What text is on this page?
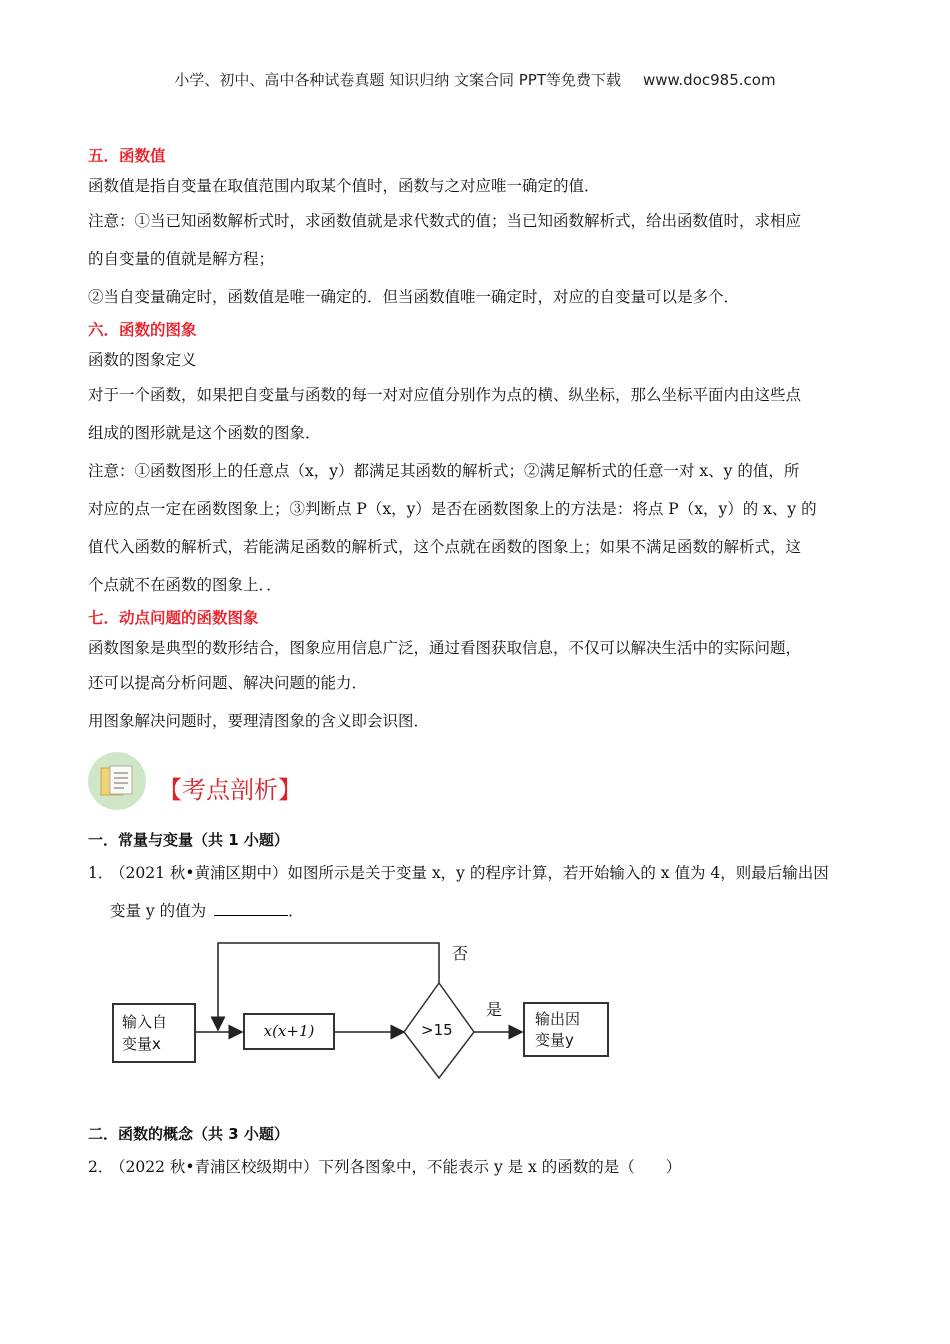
小学、初中、高中各种试卷真题 知识归纳 文案合同 PPT等免费下载 www.doc985.com
五．函数值
函数值是指自变量在取值范围内取某个值时，函数与之对应唯一确定的值．
注意：①当已知函数解析式时，求函数值就是求代数式的值；当已知函数解析式，给出函数值时，求相应
的自变量的值就是解方程；
②当自变量确定时，函数值是唯一确定的．但当函数值唯一确定时，对应的自变量可以是多个．
六．函数的图象
函数的图象定义
对于一个函数，如果把自变量与函数的每一对对应值分别作为点的横、纵坐标，那么坐标平面内由这些点
组成的图形就是这个函数的图象．
注意：①函数图形上的任意点（x，y）都满足其函数的解析式；②满足解析式的任意一对 x、y 的值，所
对应的点一定在函数图象上；③判断点 P（x，y）是否在函数图象上的方法是：将点 P（x，y）的 x、y 的
值代入函数的解析式，若能满足函数的解析式，这个点就在函数的图象上；如果不满足函数的解析式，这
个点就不在函数的图象上．．
七．动点问题的函数图象
函数图象是典型的数形结合，图象应用信息广泛，通过看图获取信息，不仅可以解决生活中的实际问题，
还可以提高分析问题、解决问题的能力．
用图象解决问题时，要理清图象的含义即会识图．
【考点剖析】
一．常量与变量（共 1 小题）
1．（2021 秋•黄浦区期中）如图所示是关于变量 x，y 的程序计算，若开始输入的 x 值为 4，则最后输出因
变量 y 的值为	．
二．函数的概念（共 3 小题）
2．（2022 秋•青浦区校级期中）下列各图象中，不能表示 y 是 x 的函数的是（　　）
输入自
变量x
x(x+1)	>15
否
是 输出因
变量y
